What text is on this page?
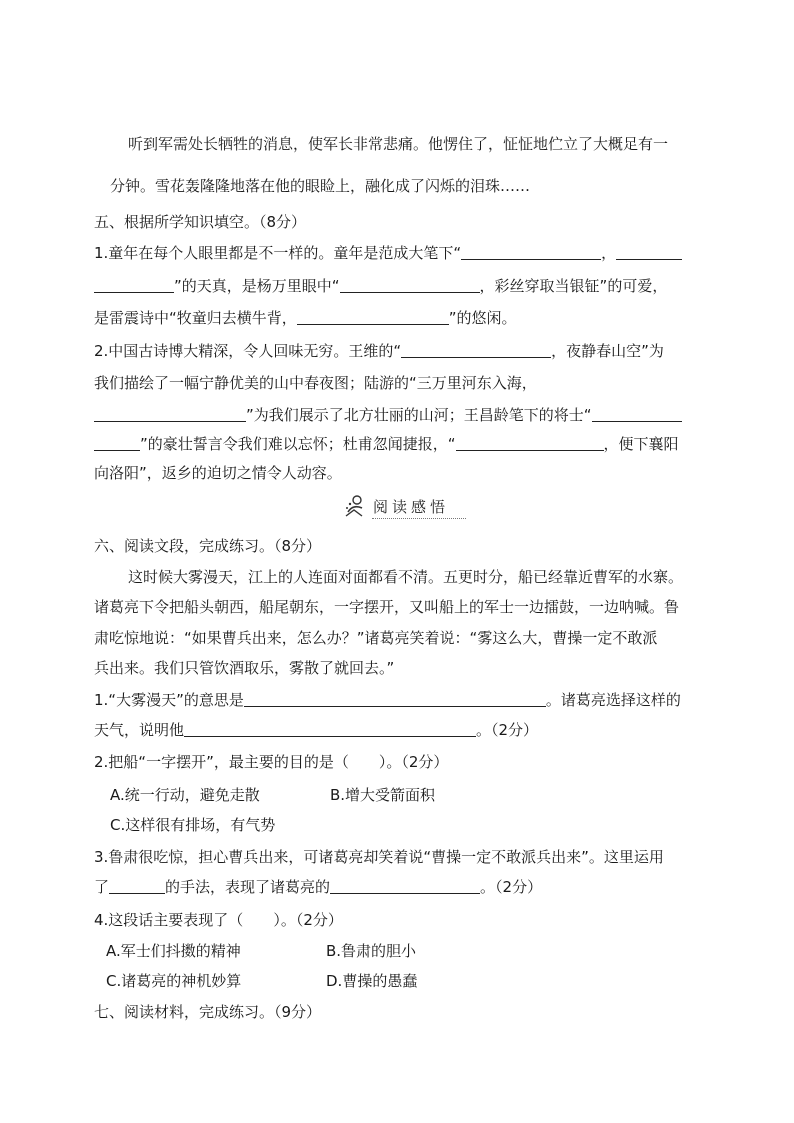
听到军需处长牺牲的消息，使军长非常悲痛。他愣住了，怔怔地伫立了大概足有一
分钟。雪花轰隆隆地落在他的眼睑上，融化成了闪烁的泪珠……
五、根据所学知识填空。（8分）
1.童年在每个人眼里都是不一样的。童年是范成大笔下“	，
”的天真，是杨万里眼中“	，彩丝穿取当银钲”的可爱，
是雷震诗中“牧童归去横牛背，	”的悠闲。
2.中国古诗博大精深，令人回味无穷。王维的“	，夜静春山空”为
我们描绘了一幅宁静优美的山中春夜图；陆游的“三万里河东入海，
”为我们展示了北方壮丽的山河；王昌龄笔下的将士“
”的豪壮誓言令我们难以忘怀；杜甫忽闻捷报，“	，便下襄阳
向洛阳”，返乡的迫切之情令人动容。
阅读感悟
六、阅读文段，完成练习。（8分）
这时候大雾漫天，江上的人连面对面都看不清。五更时分，船已经靠近曹军的水寨。
诸葛亮下令把船头朝西，船尾朝东，一字摆开，又叫船上的军士一边擂鼓，一边呐喊。鲁
肃吃惊地说：“如果曹兵出来，怎么办？”诸葛亮笑着说：“雾这么大，曹操一定不敢派
兵出来。我们只管饮酒取乐，雾散了就回去。”
1.“大雾漫天”的意思是	。诸葛亮选择这样的
天气，说明他	。（2分）
2.把船“一字摆开”，最主要的目的是（　　）。（2分）
A.统一行动，避免走散	B.增大受箭面积
C.这样很有排场，有气势
3.鲁肃很吃惊，担心曹兵出来，可诸葛亮却笑着说“曹操一定不敢派兵出来”。这里运用
了	的手法，表现了诸葛亮的	。（2分）
4.这段话主要表现了（　　）。（2分）
A.军士们抖擞的精神	B.鲁肃的胆小
C.诸葛亮的神机妙算	D.曹操的愚蠢
七、阅读材料，完成练习。（9分）
